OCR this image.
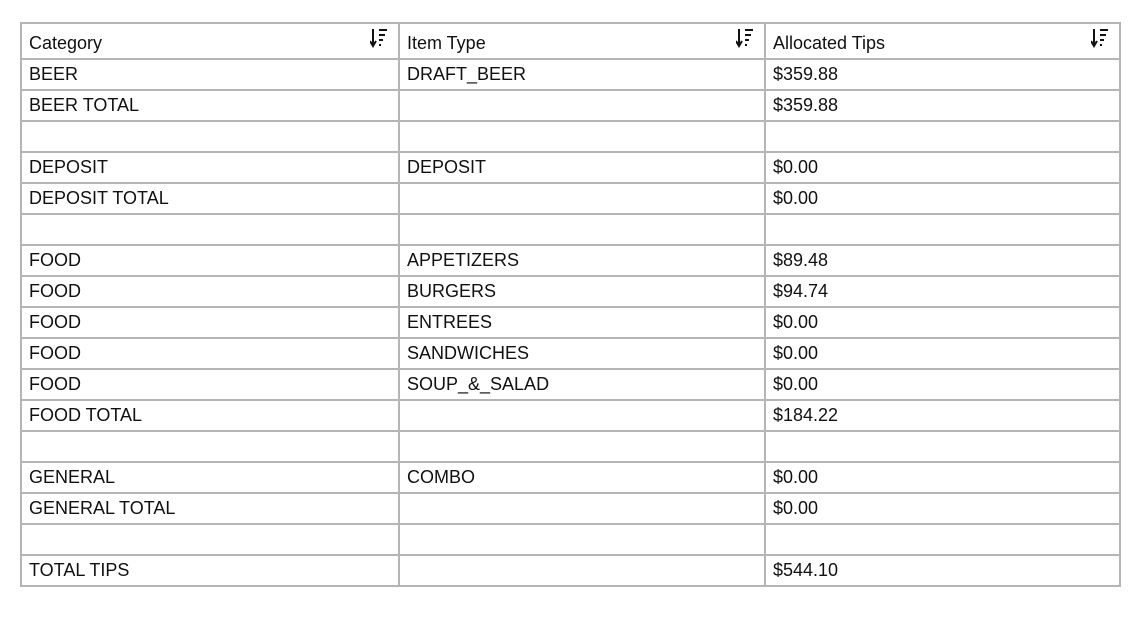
Category	Item Type	Allocated Tips

BEER	DRAFT_BEER	$359.88
BEER TOTAL		$359.88

DEPOSIT	DEPOSIT	$0.00
DEPOSIT TOTAL		$0.00

FOOD	APPETIZERS	$89.48
FOOD	BURGERS	$94.74
FOOD	ENTREES	$0.00
FOOD	SANDWICHES	$0.00
FOOD	SOUP_&_SALAD	$0.00
FOOD TOTAL		$184.22

GENERAL	COMBO	$0.00
GENERAL TOTAL		$0.00

TOTAL TIPS		$544.10
